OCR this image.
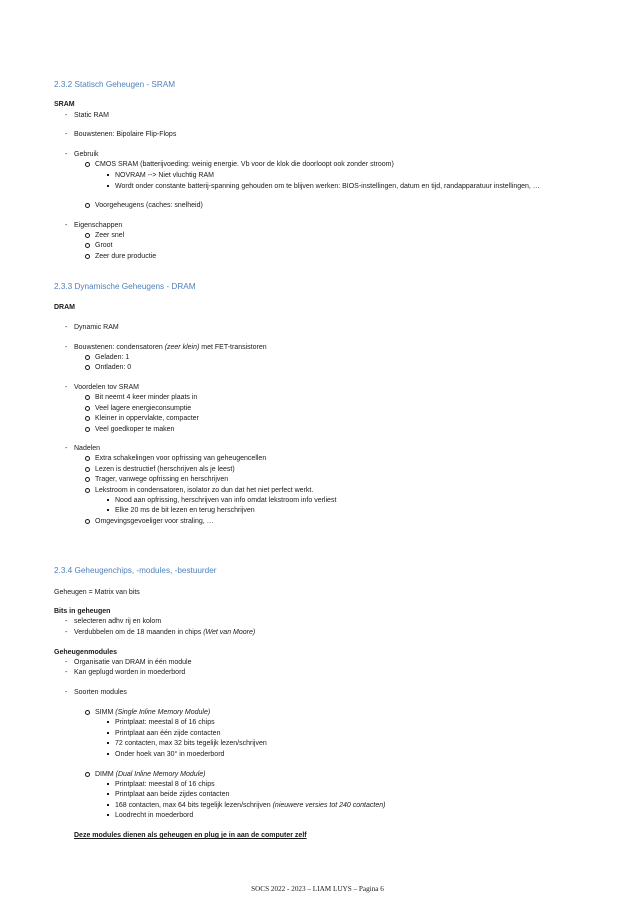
2.3.2 Statisch Geheugen - SRAM
SRAM
- Static RAM
- Bouwstenen: Bipolaire Flip-Flops
- Gebruik
CMOS SRAM (batterijvoeding: weinig energie. Vb voor de klok die doorloopt ook zonder stroom)
NOVRAM --> Niet vluchtig RAM
Wordt onder constante batterij-spanning gehouden om te blijven werken: BIOS-instellingen, datum en tijd, randapparatuur instellingen, …
Voorgeheugens (caches: snelheid)
- Eigenschappen
Zeer snel
Groot
Zeer dure productie
2.3.3 Dynamische Geheugens - DRAM
DRAM
- Dynamic RAM
- Bouwstenen: condensatoren (zeer klein) met FET-transistoren
Geladen: 1
Ontladen: 0
- Voordelen tov SRAM
Bit neemt 4 keer minder plaats in
Veel lagere energieconsumptie
Kleiner in oppervlakte, compacter
Veel goedkoper te maken
- Nadelen
Extra schakelingen voor opfrissing van geheugencellen
Lezen is destructief (herschrijven als je leest)
Trager, vanwege opfrissing en herschrijven
Lekstroom in condensatoren, isolator zo dun dat het niet perfect werkt.
Nood aan opfrissing, herschrijven van info omdat lekstroom info verliest
Elke 20 ms de bit lezen en terug herschrijven
Omgevingsgevoeliger voor straling, …
2.3.4 Geheugenchips, -modules, -bestuurder
Geheugen = Matrix van bits
Bits in geheugen
- selecteren adhv rij en kolom
- Verdubbelen om de 18 maanden in chips (Wet van Moore)
Geheugenmodules
- Organisatie van DRAM in één module
- Kan geplugd worden in moederbord
- Soorten modules
SIMM (Single Inline Memory Module)
Printplaat: meestal 8 of 16 chips
Printplaat aan één zijde contacten
72 contacten, max 32 bits tegelijk lezen/schrijven
Onder hoek van 30° in moederbord
DIMM (Dual Inline Memory Module)
Printplaat: meestal 8 of 16 chips
Printplaat aan beide zijdes contacten
168 contacten, max 64 bits tegelijk lezen/schrijven (nieuwere versies tot 240 contacten)
Loodrecht in moederbord
Deze modules dienen als geheugen en plug je in aan de computer zelf
SOCS 2022 - 2023 – LIAM LUYS – Pagina 6
